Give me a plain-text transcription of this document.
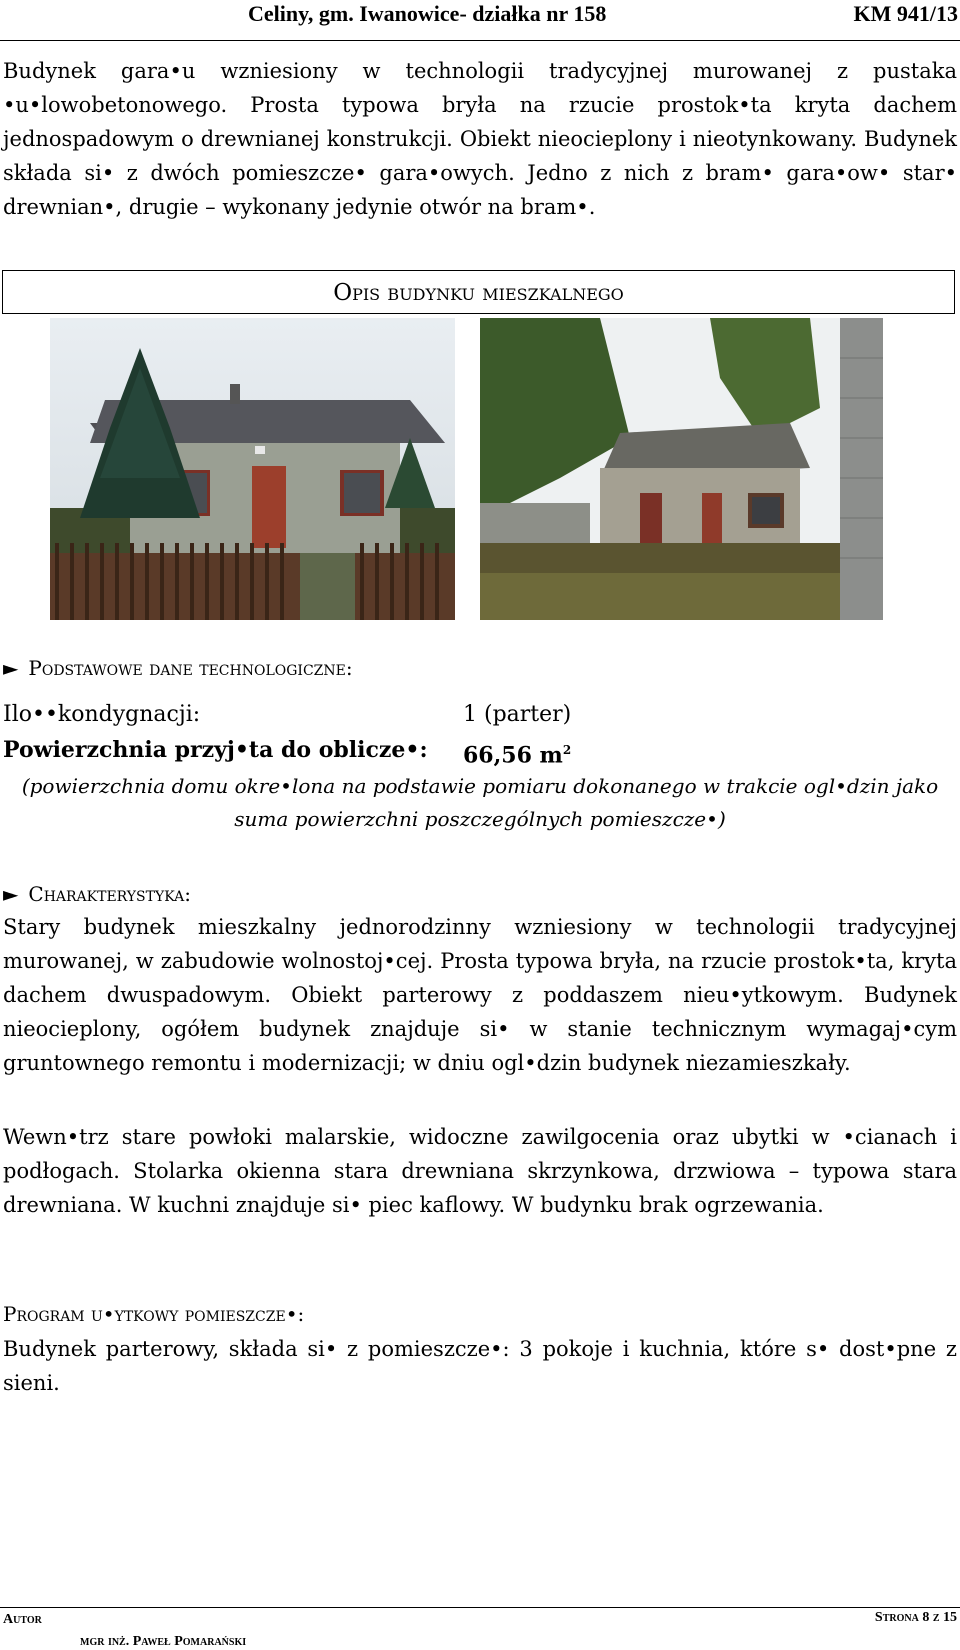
Celiny, gm. Iwanowice- działka nr 158	KM 941/13

Budynek gara•u wzniesiony w technologii tradycyjnej murowanej z pustaka •u•lowobetonowego. Prosta typowa bryła na rzucie prostok•ta kryta dachem jednospadowym o drewnianej konstrukcji. Obiekt nieocieplony i nieotynkowany. Budynek składa si• z dwóch pomieszcze• gara•owych. Jedno z nich z bram• gara•ow• star• drewnian•, drugie – wykonany jedynie otwór na bram•.

Opis budynku mieszkalnego

► Podstawowe dane technologiczne:

Ilo••kondygnacji:	1 (parter)
Powierzchnia przyj•ta do oblicze•: 66,56 $m^2$

(powierzchnia domu okre•lona na podstawie pomiaru dokonanego w trakcie ogl•dzin jako suma powierzchni poszczególnych pomieszcze•)

► Charakterystyka:

Stary budynek mieszkalny jednorodzinny wzniesiony w technologii tradycyjnej murowanej, w zabudowie wolnostoj•cej. Prosta typowa bryła, na rzucie prostok•ta, kryta dachem dwuspadowym. Obiekt parterowy z poddaszem nieu•ytkowym. Budynek nieocieplony, ogółem budynek znajduje si• w stanie technicznym wymagaj•cym gruntownego remontu i modernizacji; w dniu ogl•dzin budynek niezamieszkały.

Wewn•trz stare powłoki malarskie, widoczne zawilgocenia oraz ubytki w •cianach i podłogach. Stolarka okienna stara drewniana skrzynkowa, drzwiowa – typowa stara drewniana. W kuchni znajduje si• piec kaflowy. W budynku brak ogrzewania.

Program u•ytkowy pomieszcze•:

Budynek parterowy, składa si• z pomieszcze•: 3 pokoje i kuchnia, które s• dost•pne z sieni.

Autor
mgr inż. Paweł Pomarański
Strona 8 z 15
